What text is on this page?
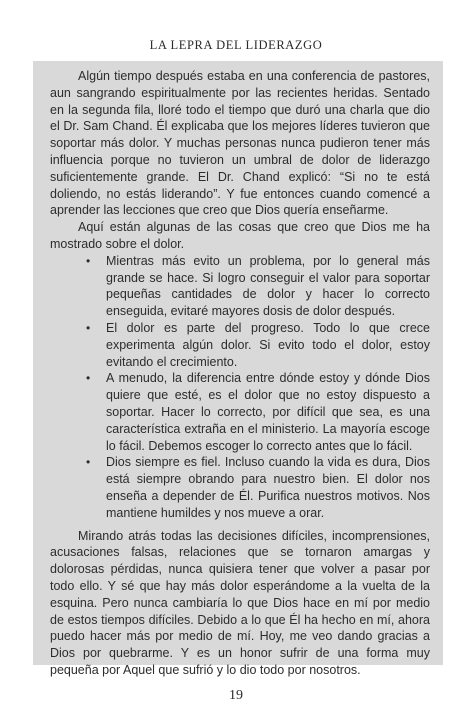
LA LEPRA DEL LIDERAZGO

Algún tiempo después estaba en una conferencia de pastores, aun sangrando espiritualmente por las recientes heridas. Sentado en la segunda fila, lloré todo el tiempo que duró una charla que dio el Dr. Sam Chand. Él explicaba que los mejores líderes tuvieron que soportar más dolor. Y muchas personas nunca pudieron tener más influencia porque no tuvieron un umbral de dolor de liderazgo suficientemente grande. El Dr. Chand explicó: “Si no te está doliendo, no estás liderando”. Y fue entonces cuando comencé a aprender las lecciones que creo que Dios quería enseñarme.

Aquí están algunas de las cosas que creo que Dios me ha mostrado sobre el dolor.

• Mientras más evito un problema, por lo general más grande se hace. Si logro conseguir el valor para soportar pequeñas cantidades de dolor y hacer lo correcto enseguida, evitaré mayores dosis de dolor después.
• El dolor es parte del progreso. Todo lo que crece experimenta algún dolor. Si evito todo el dolor, estoy evitando el crecimiento.
• A menudo, la diferencia entre dónde estoy y dónde Dios quiere que esté, es el dolor que no estoy dispuesto a soportar. Hacer lo correcto, por difícil que sea, es una característica extraña en el ministerio. La mayoría escoge lo fácil. Debemos escoger lo correcto antes que lo fácil.
• Dios siempre es fiel. Incluso cuando la vida es dura, Dios está siempre obrando para nuestro bien. El dolor nos enseña a depender de Él. Purifica nuestros motivos. Nos mantiene humildes y nos mueve a orar.

Mirando atrás todas las decisiones difíciles, incomprensiones, acusaciones falsas, relaciones que se tornaron amargas y dolorosas pérdidas, nunca quisiera tener que volver a pasar por todo ello. Y sé que hay más dolor esperándome a la vuelta de la esquina. Pero nunca cambiaría lo que Dios hace en mí por medio de estos tiempos difíciles. Debido a lo que Él ha hecho en mí, ahora puedo hacer más por medio de mí. Hoy, me veo dando gracias a Dios por quebrarme. Y es un honor sufrir de una forma muy pequeña por Aquel que sufrió y lo dio todo por nosotros.

19
